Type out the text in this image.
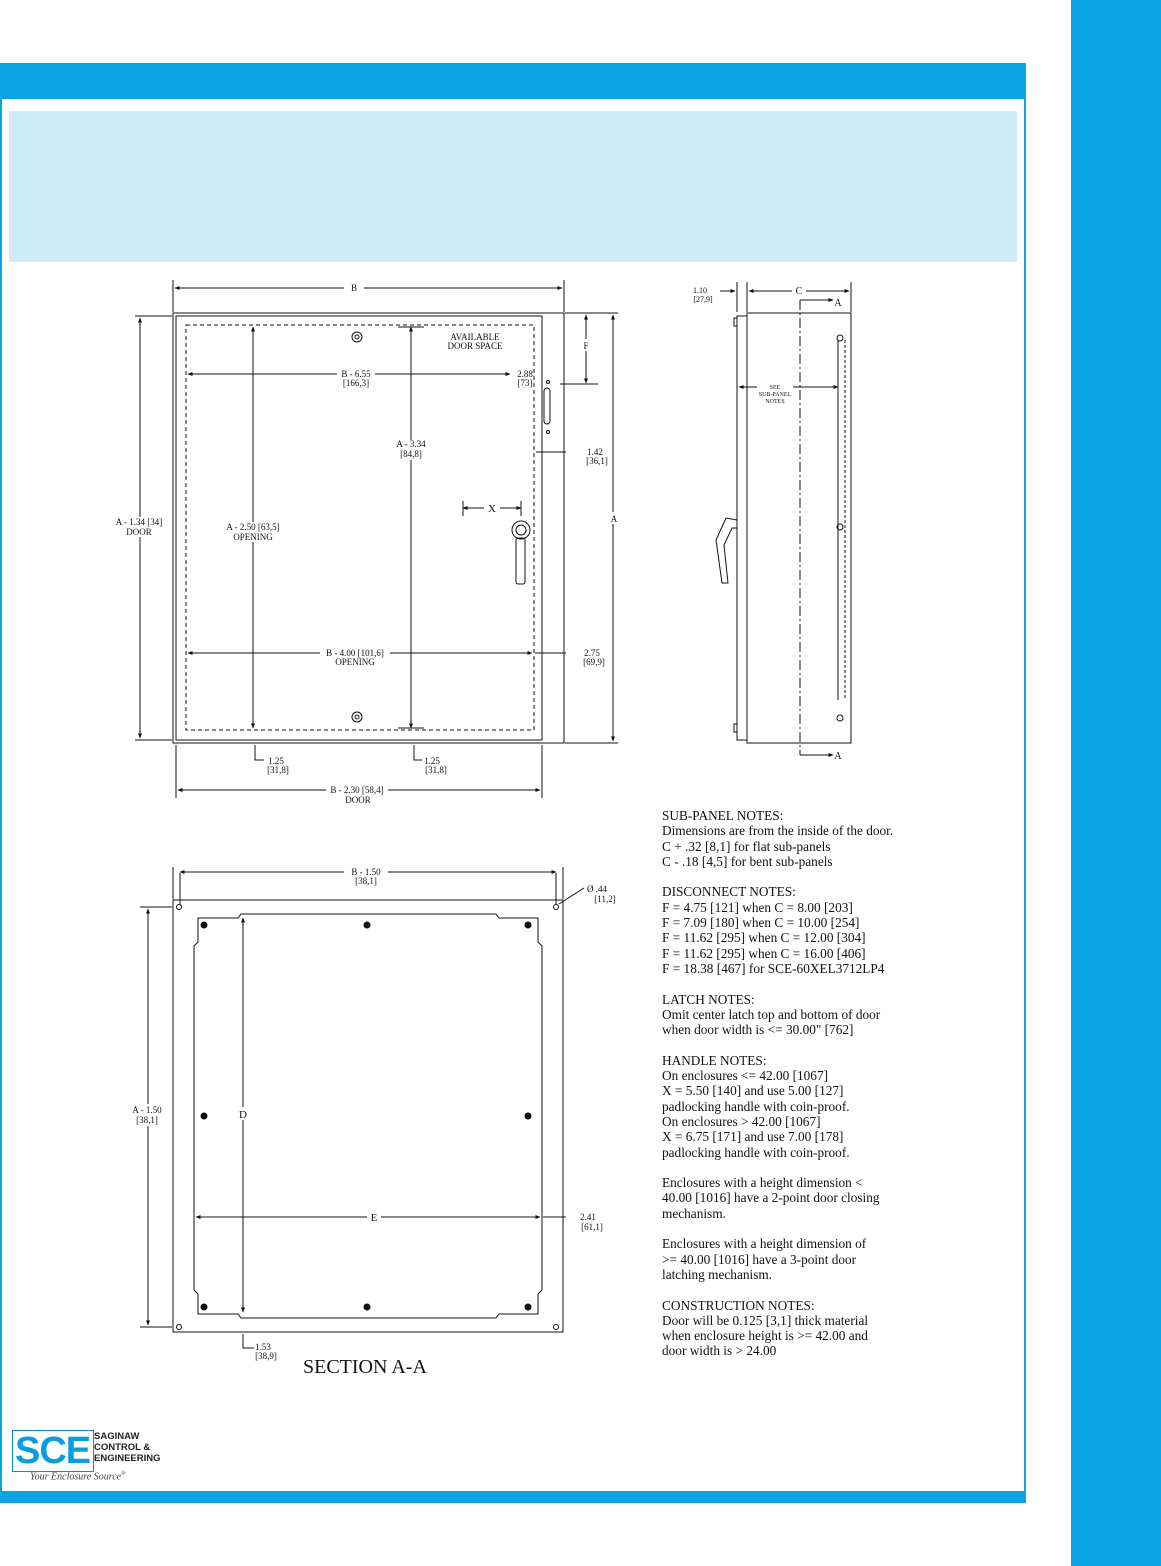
B
AVAILABLE
DOOR SPACE
B - 6.55
[166,3]
2.88
[73]
F
A - 3.34
[84,8]	1.42
[36,1]
A
X
A - 1.34 [34]
DOOR	A - 2.50 [63,5]
OPENING
2.75
[69,9]
B - 4.00 [101,6]
OPENING
1.25
[31,8]
1.25
[31,8]
B - 2.30 [58,4]
DOOR
1.10
[27,9]
C
A
A
SEE
SUB-PANEL
NOTES
B - 1.50
[38,1]
Ø .44
[11,2]
A - 1.50
[38,1]	D
E	2.41
[61,1]
1.53
[38,9] SECTION A-A
SUB-PANEL NOTES:
Dimensions are from the inside of the door.
C + .32 [8,1] for flat sub-panels
C - .18 [4,5] for bent sub-panels
DISCONNECT NOTES:
F = 4.75 [121] when C = 8.00 [203]
F = 7.09 [180] when C = 10.00 [254]
F = 11.62 [295] when C = 12.00 [304]
F = 11.62 [295] when C = 16.00 [406]
F = 18.38 [467] for SCE-60XEL3712LP4
LATCH NOTES:
Omit center latch top and bottom of door
when door width is <= 30.00" [762]
HANDLE NOTES:
On enclosures <= 42.00 [1067]
X = 5.50 [140] and use 5.00 [127]
padlocking handle with coin-proof.
On enclosures > 42.00 [1067]
X = 6.75 [171] and use 7.00 [178]
padlocking handle with coin-proof.
Enclosures with a height dimension <
40.00 [1016] have a 2-point door closing
mechanism.
Enclosures with a height dimension of
>= 40.00 [1016] have a 3-point door
latching mechanism.
CONSTRUCTION NOTES:
Door will be 0.125 [3,1] thick material
when enclosure height is >= 42.00 and
door width is > 24.00
SCE SAGINAW
CONTROL &
ENGINEERING
Your Enclosure Source®
